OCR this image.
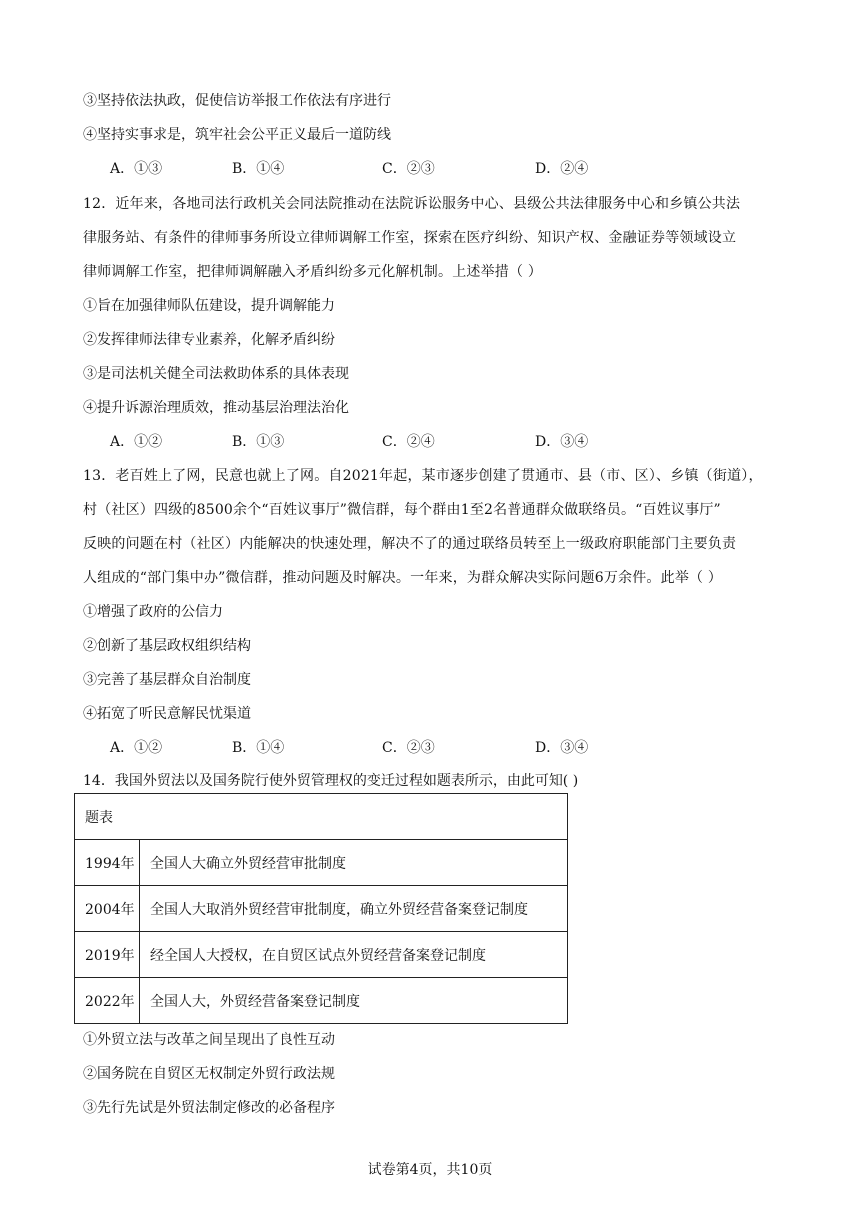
③坚持依法执政，促使信访举报工作依法有序进行
④坚持实事求是，筑牢社会公平正义最后一道防线
A．①③	B．①④	C．②③	D．②④
12．近年来，各地司法行政机关会同法院推动在法院诉讼服务中心、县级公共法律服务中心和乡镇公共法
律服务站、有条件的律师事务所设立律师调解工作室，探索在医疗纠纷、知识产权、金融证券等领域设立
律师调解工作室，把律师调解融入矛盾纠纷多元化解机制。上述举措（ ）
①旨在加强律师队伍建设，提升调解能力
②发挥律师法律专业素养，化解矛盾纠纷
③是司法机关健全司法救助体系的具体表现
④提升诉源治理质效，推动基层治理法治化
A．①②	B．①③	C．②④	D．③④
13．老百姓上了网，民意也就上了网。自2021年起，某市逐步创建了贯通市、县（市、区）、乡镇（街道），
村（社区）四级的8500余个“百姓议事厅”微信群，每个群由1至2名普通群众做联络员。“百姓议事厅”
反映的问题在村（社区）内能解决的快速处理，解决不了的通过联络员转至上一级政府职能部门主要负责
人组成的“部门集中办”微信群，推动问题及时解决。一年来，为群众解决实际问题6万余件。此举（ ）
①增强了政府的公信力
②创新了基层政权组织结构
③完善了基层群众自治制度
④拓宽了听民意解民忧渠道
A．①②	B．①④	C．②③	D．③④
14．我国外贸法以及国务院行使外贸管理权的变迁过程如题表所示，由此可知( )
题表	
1994年	全国人大确立外贸经营审批制度
2004年	全国人大取消外贸经营审批制度，确立外贸经营备案登记制度
2019年	经全国人大授权，在自贸区试点外贸经营备案登记制度
2022年	全国人大，外贸经营备案登记制度
①外贸立法与改革之间呈现出了良性互动
②国务院在自贸区无权制定外贸行政法规
③先行先试是外贸法制定修改的必备程序
试卷第4页，共10页
